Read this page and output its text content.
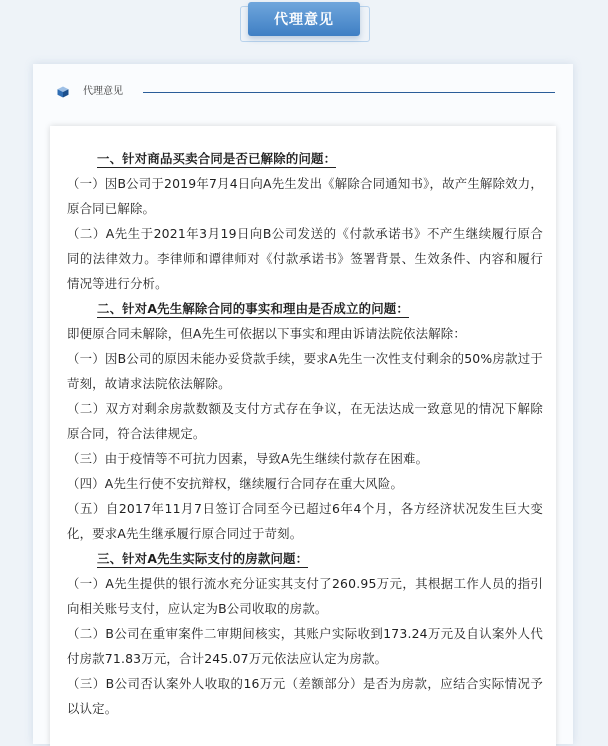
代理意见
代理意见

一、针对商品买卖合同是否已解除的问题：

（一）因B公司于2019年7月4日向A先生发出《解除合同通知书》，故产生解除效力，原合同已解除。

（二）A先生于2021年3月19日向B公司发送的《付款承诺书》不产生继续履行原合同的法律效力。李律师和谭律师对《付款承诺书》签署背景、生效条件、内容和履行情况等进行分析。

二、针对A先生解除合同的事实和理由是否成立的问题：

即便原合同未解除，但A先生可依据以下事实和理由诉请法院依法解除：

（一）因B公司的原因未能办妥贷款手续，要求A先生一次性支付剩余的50%房款过于苛刻，故请求法院依法解除。

（二）双方对剩余房款数额及支付方式存在争议，在无法达成一致意见的情况下解除原合同，符合法律规定。

（三）由于疫情等不可抗力因素，导致A先生继续付款存在困难。

（四）A先生行使不安抗辩权，继续履行合同存在重大风险。

（五）自2017年11月7日签订合同至今已超过6年4个月，各方经济状况发生巨大变化，要求A先生继承履行原合同过于苛刻。

三、针对A先生实际支付的房款问题：

（一）A先生提供的银行流水充分证实其支付了260.95万元，其根据工作人员的指引向相关账号支付，应认定为B公司收取的房款。

（二）B公司在重审案件二审期间核实，其账户实际收到173.24万元及自认案外人代付房款71.83万元，合计245.07万元依法应认定为房款。

（三）B公司否认案外人收取的16万元（差额部分）是否为房款，应结合实际情况予以认定。
